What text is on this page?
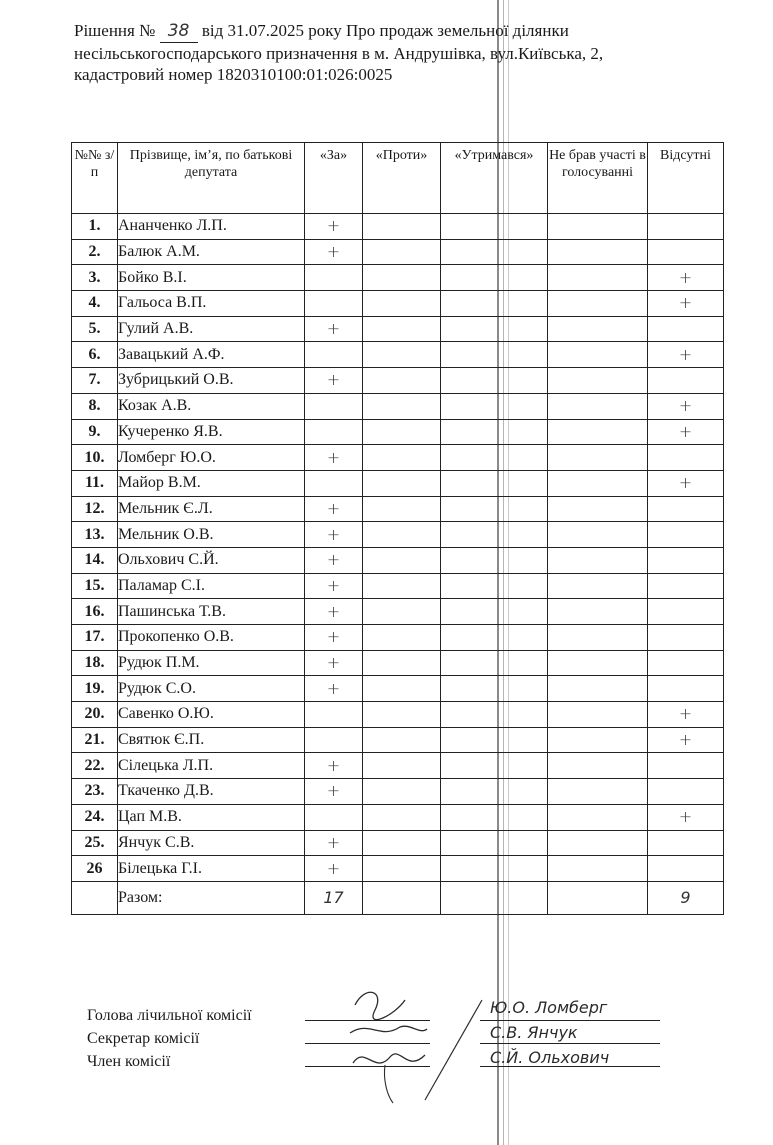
Рішення № 38 від 31.07.2025 року Про продаж земельної ділянки
несільськогосподарського призначення в м. Андрушівка, вул.Київська, 2,
кадастровий номер 1820310100:01:026:0025
№№ з/п	Прізвище, ім’я, по батькові депутата	«За»	«Проти»	«Утримався»	Не брав участі в голосуванні	Відсутні
1.	Ананченко Л.П.	+				
2.	Балюк А.М.	+				
3.	Бойко В.І.					+
4.	Гальоса В.П.					+
5.	Гулий А.В.	+				
6.	Завацький А.Ф.					+
7.	Зубрицький О.В.	+				
8.	Козак А.В.					+
9.	Кучеренко Я.В.					+
10.	Ломберг Ю.О.	+				
11.	Майор В.М.					+
12.	Мельник Є.Л.	+				
13.	Мельник О.В.	+				
14.	Ольхович С.Й.	+				
15.	Паламар С.І.	+				
16.	Пашинська Т.В.	+				
17.	Прокопенко О.В.	+				
18.	Рудюк П.М.	+				
19.	Рудюк С.О.	+				
20.	Савенко О.Ю.					+
21.	Святюк Є.П.					+
22.	Сілецька Л.П.	+				
23.	Ткаченко Д.В.	+				
24.	Цап М.В.					+
25.	Янчук С.В.	+				
26	Білецька Г.І.	+				
	Разом:	17				9
Голова лічильної комісії
Секретар комісії
Член комісії
Ю.О. Ломберг
С.В. Янчук
С.Й. Ольхович
